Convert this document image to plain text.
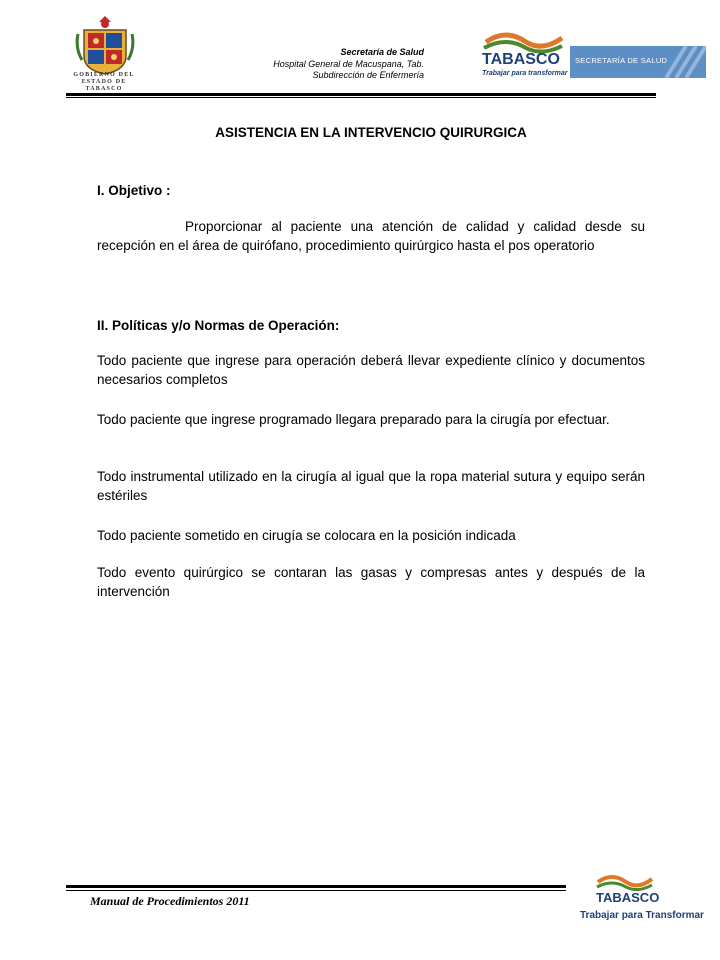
GOBIERNO DEL
ESTADO DE
TABASCO
Secretaría de Salud
Hospital General de Macuspana, Tab.
Subdirección de Enfermería
TABASCO
Trabajar para transformar
SECRETARÍA DE SALUD
ASISTENCIA EN LA INTERVENCIO QUIRURGICA
I. Objetivo :
Proporcionar al paciente una atención de calidad y calidad desde su recepción en el área de quirófano, procedimiento quirúrgico hasta el pos operatorio
II. Políticas y/o Normas de Operación:
Todo paciente que ingrese para operación deberá llevar expediente clínico y documentos necesarios completos
Todo paciente que ingrese programado llegara preparado para la cirugía por efectuar.
Todo instrumental utilizado en la cirugía al igual que la ropa material sutura y equipo serán estériles
Todo paciente sometido en cirugía se colocara en la posición indicada
Todo evento quirúrgico se contaran las gasas y compresas antes y después de la intervención
Manual de Procedimientos 2011	TABASCO
Trabajar para Transformar
